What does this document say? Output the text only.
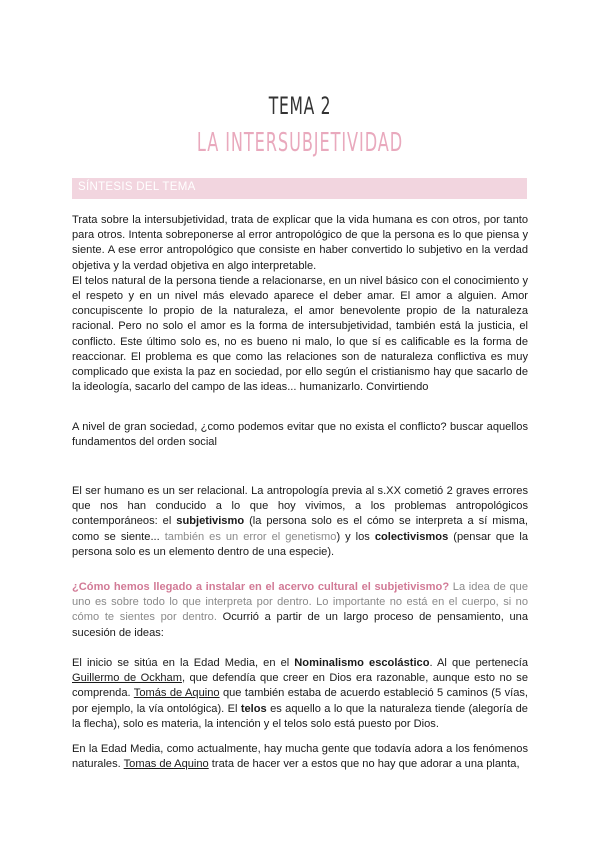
TEMA 2
LA INTERSUBJETIVIDAD
SÍNTESIS DEL TEMA

Trata sobre la intersubjetividad, trata de explicar que la vida humana es con otros, por tanto para otros. Intenta sobreponerse al error antropológico de que la persona es lo que piensa y siente. A ese error antropológico que consiste en haber convertido lo subjetivo en la verdad objetiva y la verdad objetiva en algo interpretable.

El telos natural de la persona tiende a relacionarse, en un nivel básico con el conocimiento y el respeto y en un nivel más elevado aparece el deber amar. El amor a alguien. Amor concupiscente lo propio de la naturaleza, el amor benevolente propio de la naturaleza racional. Pero no solo el amor es la forma de intersubjetividad, también está la justicia, el conflicto. Este último solo es, no es bueno ni malo, lo que sí es calificable es la forma de reaccionar. El problema es que como las relaciones son de naturaleza conflictiva es muy complicado que exista la paz en sociedad, por ello según el cristianismo hay que sacarlo de la ideología, sacarlo del campo de las ideas... humanizarlo. Convirtiendo

A nivel de gran sociedad, ¿como podemos evitar que no exista el conflicto? buscar aquellos fundamentos del orden social

El ser humano es un ser relacional. La antropología previa al s.XX cometió 2 graves errores que nos han conducido a lo que hoy vivimos, a los problemas antropológicos contemporáneos: el subjetivismo (la persona solo es el cómo se interpreta a sí misma, como se siente... también es un error el genetismo) y los colectivismos (pensar que la persona solo es un elemento dentro de una especie).

¿Cómo hemos llegado a instalar en el acervo cultural el subjetivismo? La idea de que uno es sobre todo lo que interpreta por dentro. Lo importante no está en el cuerpo, si no cómo te sientes por dentro. Ocurrió a partir de un largo proceso de pensamiento, una sucesión de ideas:

El inicio se sitúa en la Edad Media, en el Nominalismo escolástico. Al que pertenecía Guillermo de Ockham, que defendía que creer en Dios era razonable, aunque esto no se comprenda. Tomás de Aquino que también estaba de acuerdo estableció 5 caminos (5 vías, por ejemplo, la vía ontológica). El telos es aquello a lo que la naturaleza tiende (alegoría de la flecha), solo es materia, la intención y el telos solo está puesto por Dios.

En la Edad Media, como actualmente, hay mucha gente que todavía adora a los fenómenos naturales. Tomas de Aquino trata de hacer ver a estos que no hay que adorar a una planta,
